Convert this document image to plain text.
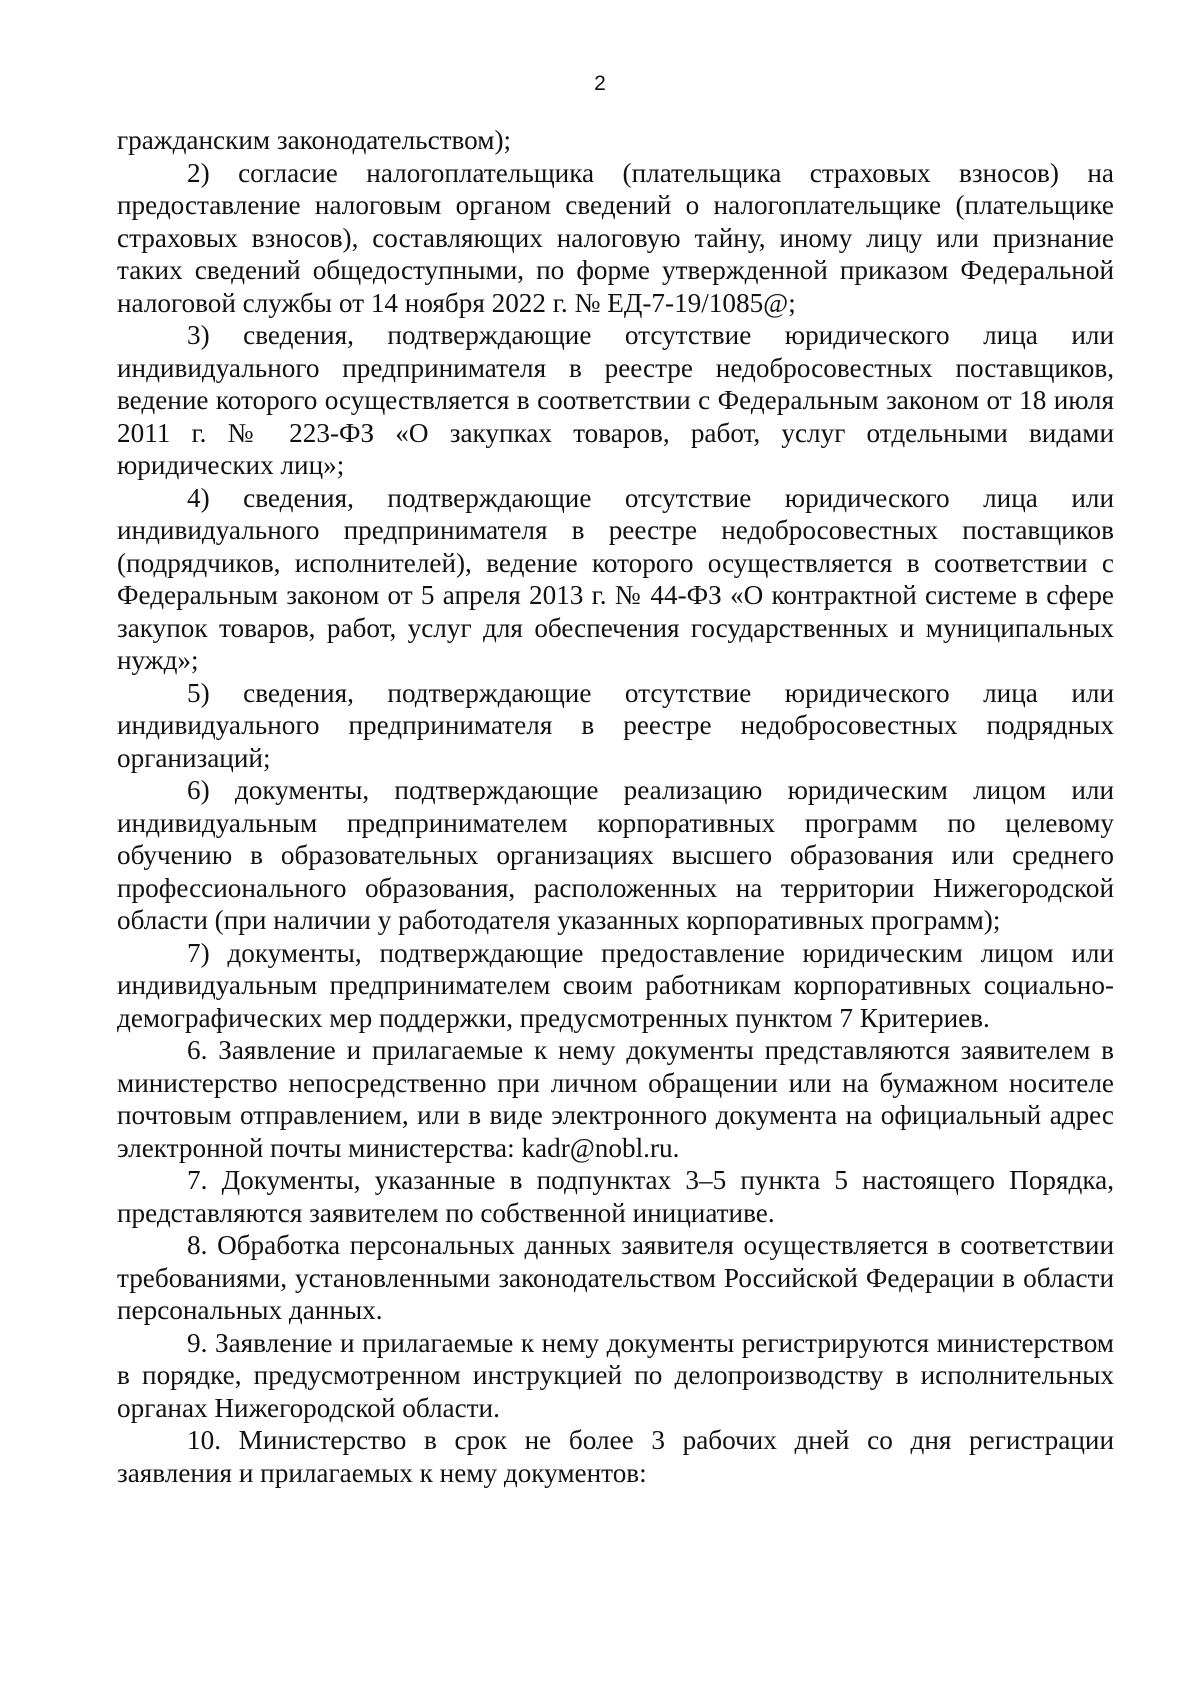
2

гражданским законодательством);

2) согласие налогоплательщика (плательщика страховых взносов) на предоставление налоговым органом сведений о налогоплательщике (плательщике страховых взносов), составляющих налоговую тайну, иному лицу или признание таких сведений общедоступными, по форме утвержденной приказом Федеральной налоговой службы от 14 ноября 2022 г. № ЕД-7-19/1085@;

3) сведения, подтверждающие отсутствие юридического лица или индивидуального предпринимателя в реестре недобросовестных поставщиков, ведение которого осуществляется в соответствии с Федеральным законом от 18 июля 2011 г. № 223-ФЗ «О закупках товаров, работ, услуг отдельными видами юридических лиц»;

4) сведения, подтверждающие отсутствие юридического лица или индивидуального предпринимателя в реестре недобросовестных поставщиков (подрядчиков, исполнителей), ведение которого осуществляется в соответствии с Федеральным законом от 5 апреля 2013 г. № 44-ФЗ «О контрактной системе в сфере закупок товаров, работ, услуг для обеспечения государственных и муниципальных нужд»;

5) сведения, подтверждающие отсутствие юридического лица или индивидуального предпринимателя в реестре недобросовестных подрядных организаций;

6) документы, подтверждающие реализацию юридическим лицом или индивидуальным предпринимателем корпоративных программ по целевому обучению в образовательных организациях высшего образования или среднего профессионального образования, расположенных на территории Нижегородской области (при наличии у работодателя указанных корпоративных программ);

7) документы, подтверждающие предоставление юридическим лицом или индивидуальным предпринимателем своим работникам корпоративных социально-демографических мер поддержки, предусмотренных пунктом 7 Критериев.

6. Заявление и прилагаемые к нему документы представляются заявителем в министерство непосредственно при личном обращении или на бумажном носителе почтовым отправлением, или в виде электронного документа на официальный адрес электронной почты министерства: kadr@nobl.ru.

7. Документы, указанные в подпунктах 3–5 пункта 5 настоящего Порядка, представляются заявителем по собственной инициативе.

8. Обработка персональных данных заявителя осуществляется в соответствии требованиями, установленными законодательством Российской Федерации в области персональных данных.

9. Заявление и прилагаемые к нему документы регистрируются министерством в порядке, предусмотренном инструкцией по делопроизводству в исполнительных органах Нижегородской области.

10. Министерство в срок не более 3 рабочих дней со дня регистрации заявления и прилагаемых к нему документов:
